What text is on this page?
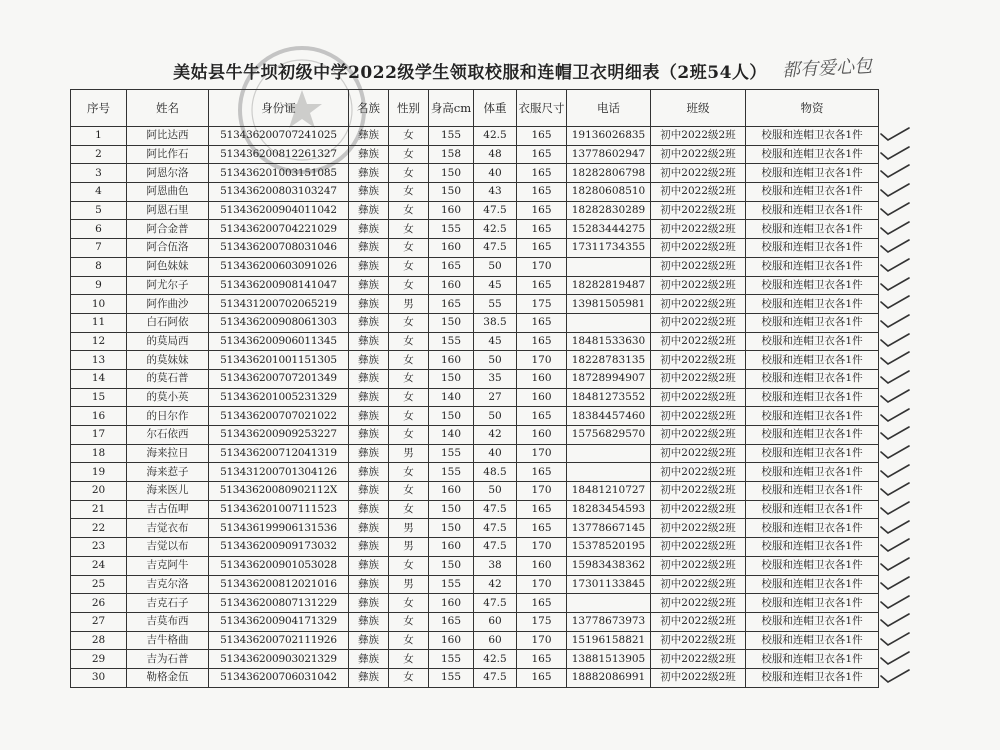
美姑县牛牛坝初级中学2022级学生领取校服和连帽卫衣明细表（2班54人） 都有爱心包
序号	姓名	身份证	名族	性别	身高cm	体重	衣服尺寸	电话	班级	物资
1	阿比达西	513436200707241025	彝族	女	155	42.5	165	19136026835	初中2022级2班	校服和连帽卫衣各1件
2	阿比作石	513436200812261327	彝族	女	158	48	165	13778602947	初中2022级2班	校服和连帽卫衣各1件
3	阿恩尔洛	513436201003151085	彝族	女	150	40	165	18282806798	初中2022级2班	校服和连帽卫衣各1件
4	阿恩曲色	513436200803103247	彝族	女	150	43	165	18280608510	初中2022级2班	校服和连帽卫衣各1件
5	阿恩石里	513436200904011042	彝族	女	160	47.5	165	18282830289	初中2022级2班	校服和连帽卫衣各1件
6	阿合金普	513436200704221029	彝族	女	155	42.5	165	15283444275	初中2022级2班	校服和连帽卫衣各1件
7	阿合伍洛	513436200708031046	彝族	女	160	47.5	165	17311734355	初中2022级2班	校服和连帽卫衣各1件
8	阿色妹妹	513436200603091026	彝族	女	165	50	170		初中2022级2班	校服和连帽卫衣各1件
9	阿尤尔子	513436200908141047	彝族	女	160	45	165	18282819487	初中2022级2班	校服和连帽卫衣各1件
10	阿作曲沙	513431200702065219	彝族	男	165	55	175	13981505981	初中2022级2班	校服和连帽卫衣各1件
11	白石阿依	513436200908061303	彝族	女	150	38.5	165		初中2022级2班	校服和连帽卫衣各1件
12	的莫局西	513436200906011345	彝族	女	155	45	165	18481533630	初中2022级2班	校服和连帽卫衣各1件
13	的莫妹妹	513436201001151305	彝族	女	160	50	170	18228783135	初中2022级2班	校服和连帽卫衣各1件
14	的莫石普	513436200707201349	彝族	女	150	35	160	18728994907	初中2022级2班	校服和连帽卫衣各1件
15	的莫小英	513436201005231329	彝族	女	140	27	160	18481273552	初中2022级2班	校服和连帽卫衣各1件
16	的日尔作	513436200707021022	彝族	女	150	50	165	18384457460	初中2022级2班	校服和连帽卫衣各1件
17	尔石依西	513436200909253227	彝族	女	140	42	160	15756829570	初中2022级2班	校服和连帽卫衣各1件
18	海来拉日	513436200712041319	彝族	男	155	40	170		初中2022级2班	校服和连帽卫衣各1件
19	海来惹子	513431200701304126	彝族	女	155	48.5	165		初中2022级2班	校服和连帽卫衣各1件
20	海来医儿	51343620080902112X	彝族	女	160	50	170	18481210727	初中2022级2班	校服和连帽卫衣各1件
21	吉古伍呷	513436201007111523	彝族	女	150	47.5	165	18283454593	初中2022级2班	校服和连帽卫衣各1件
22	吉觉衣布	513436199906131536	彝族	男	150	47.5	165	13778667145	初中2022级2班	校服和连帽卫衣各1件
23	吉觉以布	513436200909173032	彝族	男	160	47.5	170	15378520195	初中2022级2班	校服和连帽卫衣各1件
24	吉克阿牛	513436200901053028	彝族	女	150	38	160	15983438362	初中2022级2班	校服和连帽卫衣各1件
25	吉克尔洛	513436200812021016	彝族	男	155	42	170	17301133845	初中2022级2班	校服和连帽卫衣各1件
26	吉克石子	513436200807131229	彝族	女	160	47.5	165		初中2022级2班	校服和连帽卫衣各1件
27	吉莫布西	513436200904171329	彝族	女	165	60	175	13778673973	初中2022级2班	校服和连帽卫衣各1件
28	吉牛格曲	513436200702111926	彝族	女	160	60	170	15196158821	初中2022级2班	校服和连帽卫衣各1件
29	吉为石普	513436200903021329	彝族	女	155	42.5	165	13881513905	初中2022级2班	校服和连帽卫衣各1件
30	勒格金伍	513436200706031042	彝族	女	155	47.5	165	18882086991	初中2022级2班	校服和连帽卫衣各1件
